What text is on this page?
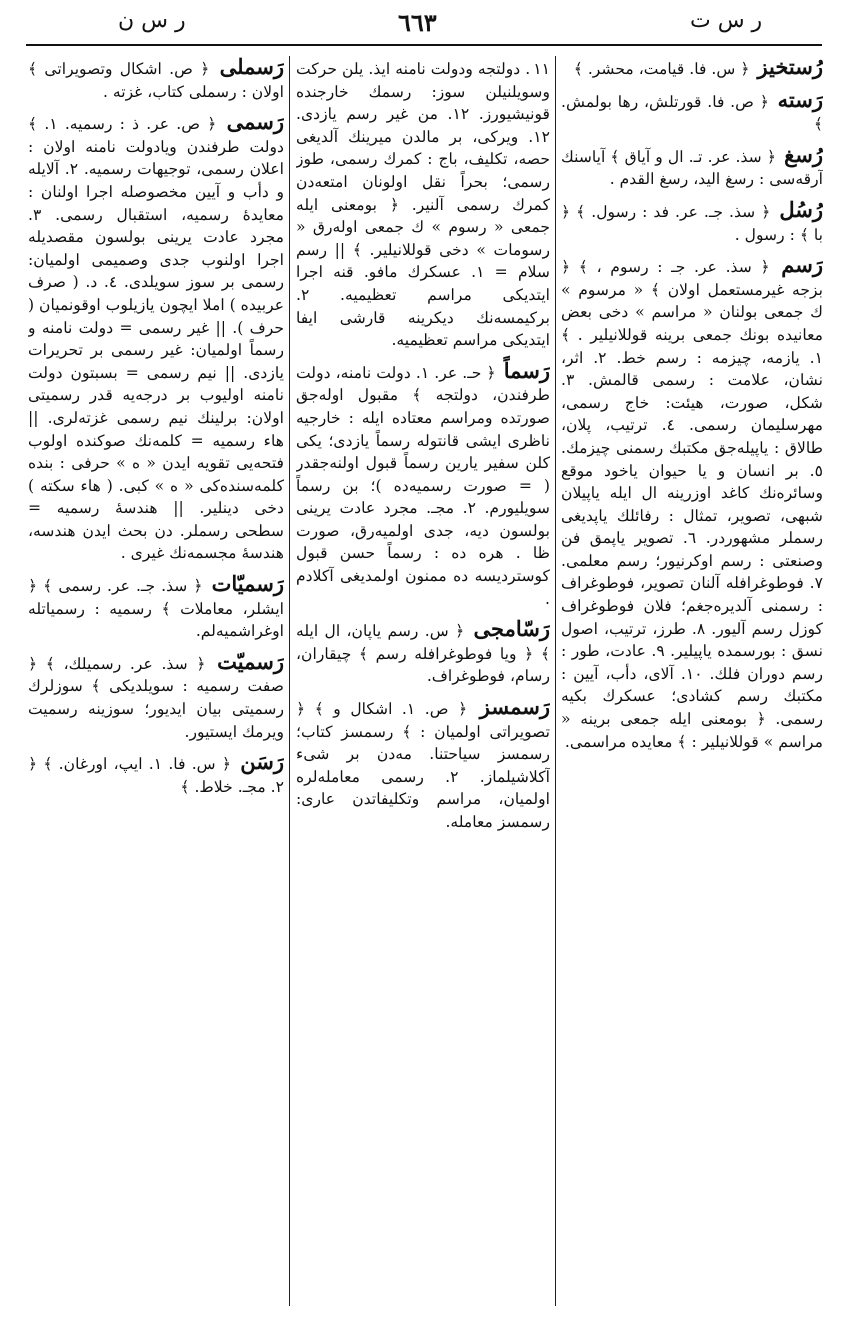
ر س ن	٦٦٣	ر س ت

رُستخیز ﴿ س. فا. قیامت، محشر. ﴾

رَسته ﴿ ص. فا. قورتلش، رها بولمش. ﴾

رُسغ ﴿ سذ. عر. تـ. ال و آیاق ﴾ آیاسنك آرقه‌سی : رسغ الید، رسغ القدم .

رُسُل ﴿ سذ. جـ. عر. فد : رسول. ﴾ ﴿ با ﴾ : رسول .

رَسم ﴿ سذ. عر. جـ : رسوم ، ﴾ ﴿ بزجه غیرمستعمل اولان ﴾ « مرسوم » ك جمعی بولنان « مراسم » دخی بعض معانیده بونك جمعی برینه قوللانیلیر . ﴾ ١. یازمه، چیزمه : رسم خط. ٢. اثر، نشان، علامت : رسمی قالمش. ٣. شكل، صورت، هیئت: خاج رسمی، مهرسلیمان رسمی. ٤. ترتیب، پلان، طالاق : یاپیله‌جق مكتبك رسمنی چیزمك. ٥. بر انسان و یا حیوان یاخود موقع وسائره‌نك كاغد اوزرینه ال ایله یاپیلان شبهی، تصویر، تمثال : رفائلك یاپدیغی رسملر مشهوردر. ٦. تصویر یاپمق فن وصنعتی : رسم اوكرنیور؛ رسم معلمی. ٧. فوطوغرافله آلنان تصویر، فوطوغراف : رسمنی آلدیره‌جغم؛ فلان فوطوغراف كوزل رسم آلیور. ٨. طرز، ترتیب، اصول نسق : بورسمده یاپیلیر. ٩. عادت، طور : رسم دوران فلك. ١٠. آلای، دأب، آیین : مكتبك رسم كشادی؛ عسكرك بكیه رسمی. ﴿ بومعنی ایله جمعی برینه « مراسم » قوللانیلیر : ﴾ معایده مراسمی.

١١. دولتجه ودولت نامنه ایذ. یلن حركت وسویلنیلن سوز: رسمك خارجنده قونیشیورز. ١٢. من غیر رسم یازدی. ١٢. ویركی، بر مالدن میرینك آلدیغی حصه، تكلیف، باج : كمرك رسمی، طوز رسمی؛ بحراً نقل اولونان امتعه‌دن كمرك رسمی آلنیر. ﴿ بومعنی ایله جمعی « رسوم » ك جمعی اوله‌رق « رسومات » دخی قوللانیلیر. ﴾ || رسم سلام = ١. عسكرك مافو. قنه اجرا ایتدیكی مراسم تعظیمیه. ٢. بركیمسه‌نك دیكرینه قارشی ایفا ایتدیكی مراسم تعظیمیه.

رَسماً ﴿ حـ. عر. ١. دولت نامنه، دولت طرفندن، دولتجه ﴾ مقبول اوله‌جق صورتده ومراسم معتاده ایله : خارجیه ناظری ایشی قانتوله رسماً یازدی؛ یكی كلن سفیر یارین رسماً قبول اولنه‌جقدر ( = صورت رسمیه‌ده )؛ بن رسماً سویلیورم. ٢. مجـ. مجرد عادت یرینی بولسون دیه، جدی اولمیه‌رق، صورت ظا . هره ده : رسماً حسن قبول كوستردیسه ده ممنون اولمدیغی آكلادم .

رَسّامجی ﴿ س. رسم یاپان، ال ایله ﴾ ﴿ ویا فوطوغرافله رسم ﴾ چیقاران، رسام، فوطوغراف.

رَسمسز ﴿ ص. ١. اشكال و ﴾ ﴿ تصویراتی اولمیان : ﴾ رسمسز كتاب؛ رسمسز سیاحتنا. مه‌دن بر شیء آكلاشیلماز. ٢. رسمی معامله‌لره اولمیان، مراسم وتكلیفاتدن عاری: رسمسز معامله.

رَسملی ﴿ ص. اشكال وتصویراتی ﴾ اولان : رسملی كتاب، غزته .

رَسمی ﴿ ص. عر. ذ : رسمیه. ١. ﴾ دولت طرفندن ویادولت نامنه اولان : اعلان رسمی، توجیهات رسمیه. ٢. آلایله و دأب و آیین مخصوصله اجرا اولنان : معایدهٔ رسمیه، استقبال رسمی. ٣. مجرد عادت یرینی بولسون مقصدیله اجرا اولنوب جدی وصمیمی اولمیان: رسمی بر سوز سویلدی. ٤. د. ( صرف عربیده ) املا ایچون یازیلوب اوقونمیان ( حرف ). || غیر رسمی = دولت نامنه و رسماً اولمیان: غیر رسمی بر تحریرات یازدی. || نیم رسمی = بسبتون دولت نامنه اولیوب بر درجه‌یه قدر رسمیتی اولان: برلینك نیم رسمی غزته‌لری. || هاء رسمیه = كلمه‌نك صوكنده اولوب فتحه‌یی تقویه ایدن « ه » حرفی : بنده كلمه‌سنده‌كی « ه » كبی. ( هاء سكته ) دخی دینلیر. || هندسهٔ رسمیه = سطحی رسملر. دن بحث ایدن هندسه، هندسهٔ مجسمه‌نك غیری .

رَسمیّات ﴿ سذ. جـ. عر. رسمی ﴾ ﴿ ایشلر، معاملات ﴾ رسمیه : رسمیاتله اوغراشمیه‌لم.

رَسمیّت ﴿ سذ. عر. رسمیلك، ﴾ ﴿ صفت رسمیه : سویلدیكی ﴾ سوزلرك رسمیتی بیان ایدیور؛ سوزینه رسمیت ویرمك ایستیور.

رَسَن ﴿ س. فا. ١. ایپ، اورغان. ﴾ ﴿ ٢. مجـ. خلاط. ﴾
